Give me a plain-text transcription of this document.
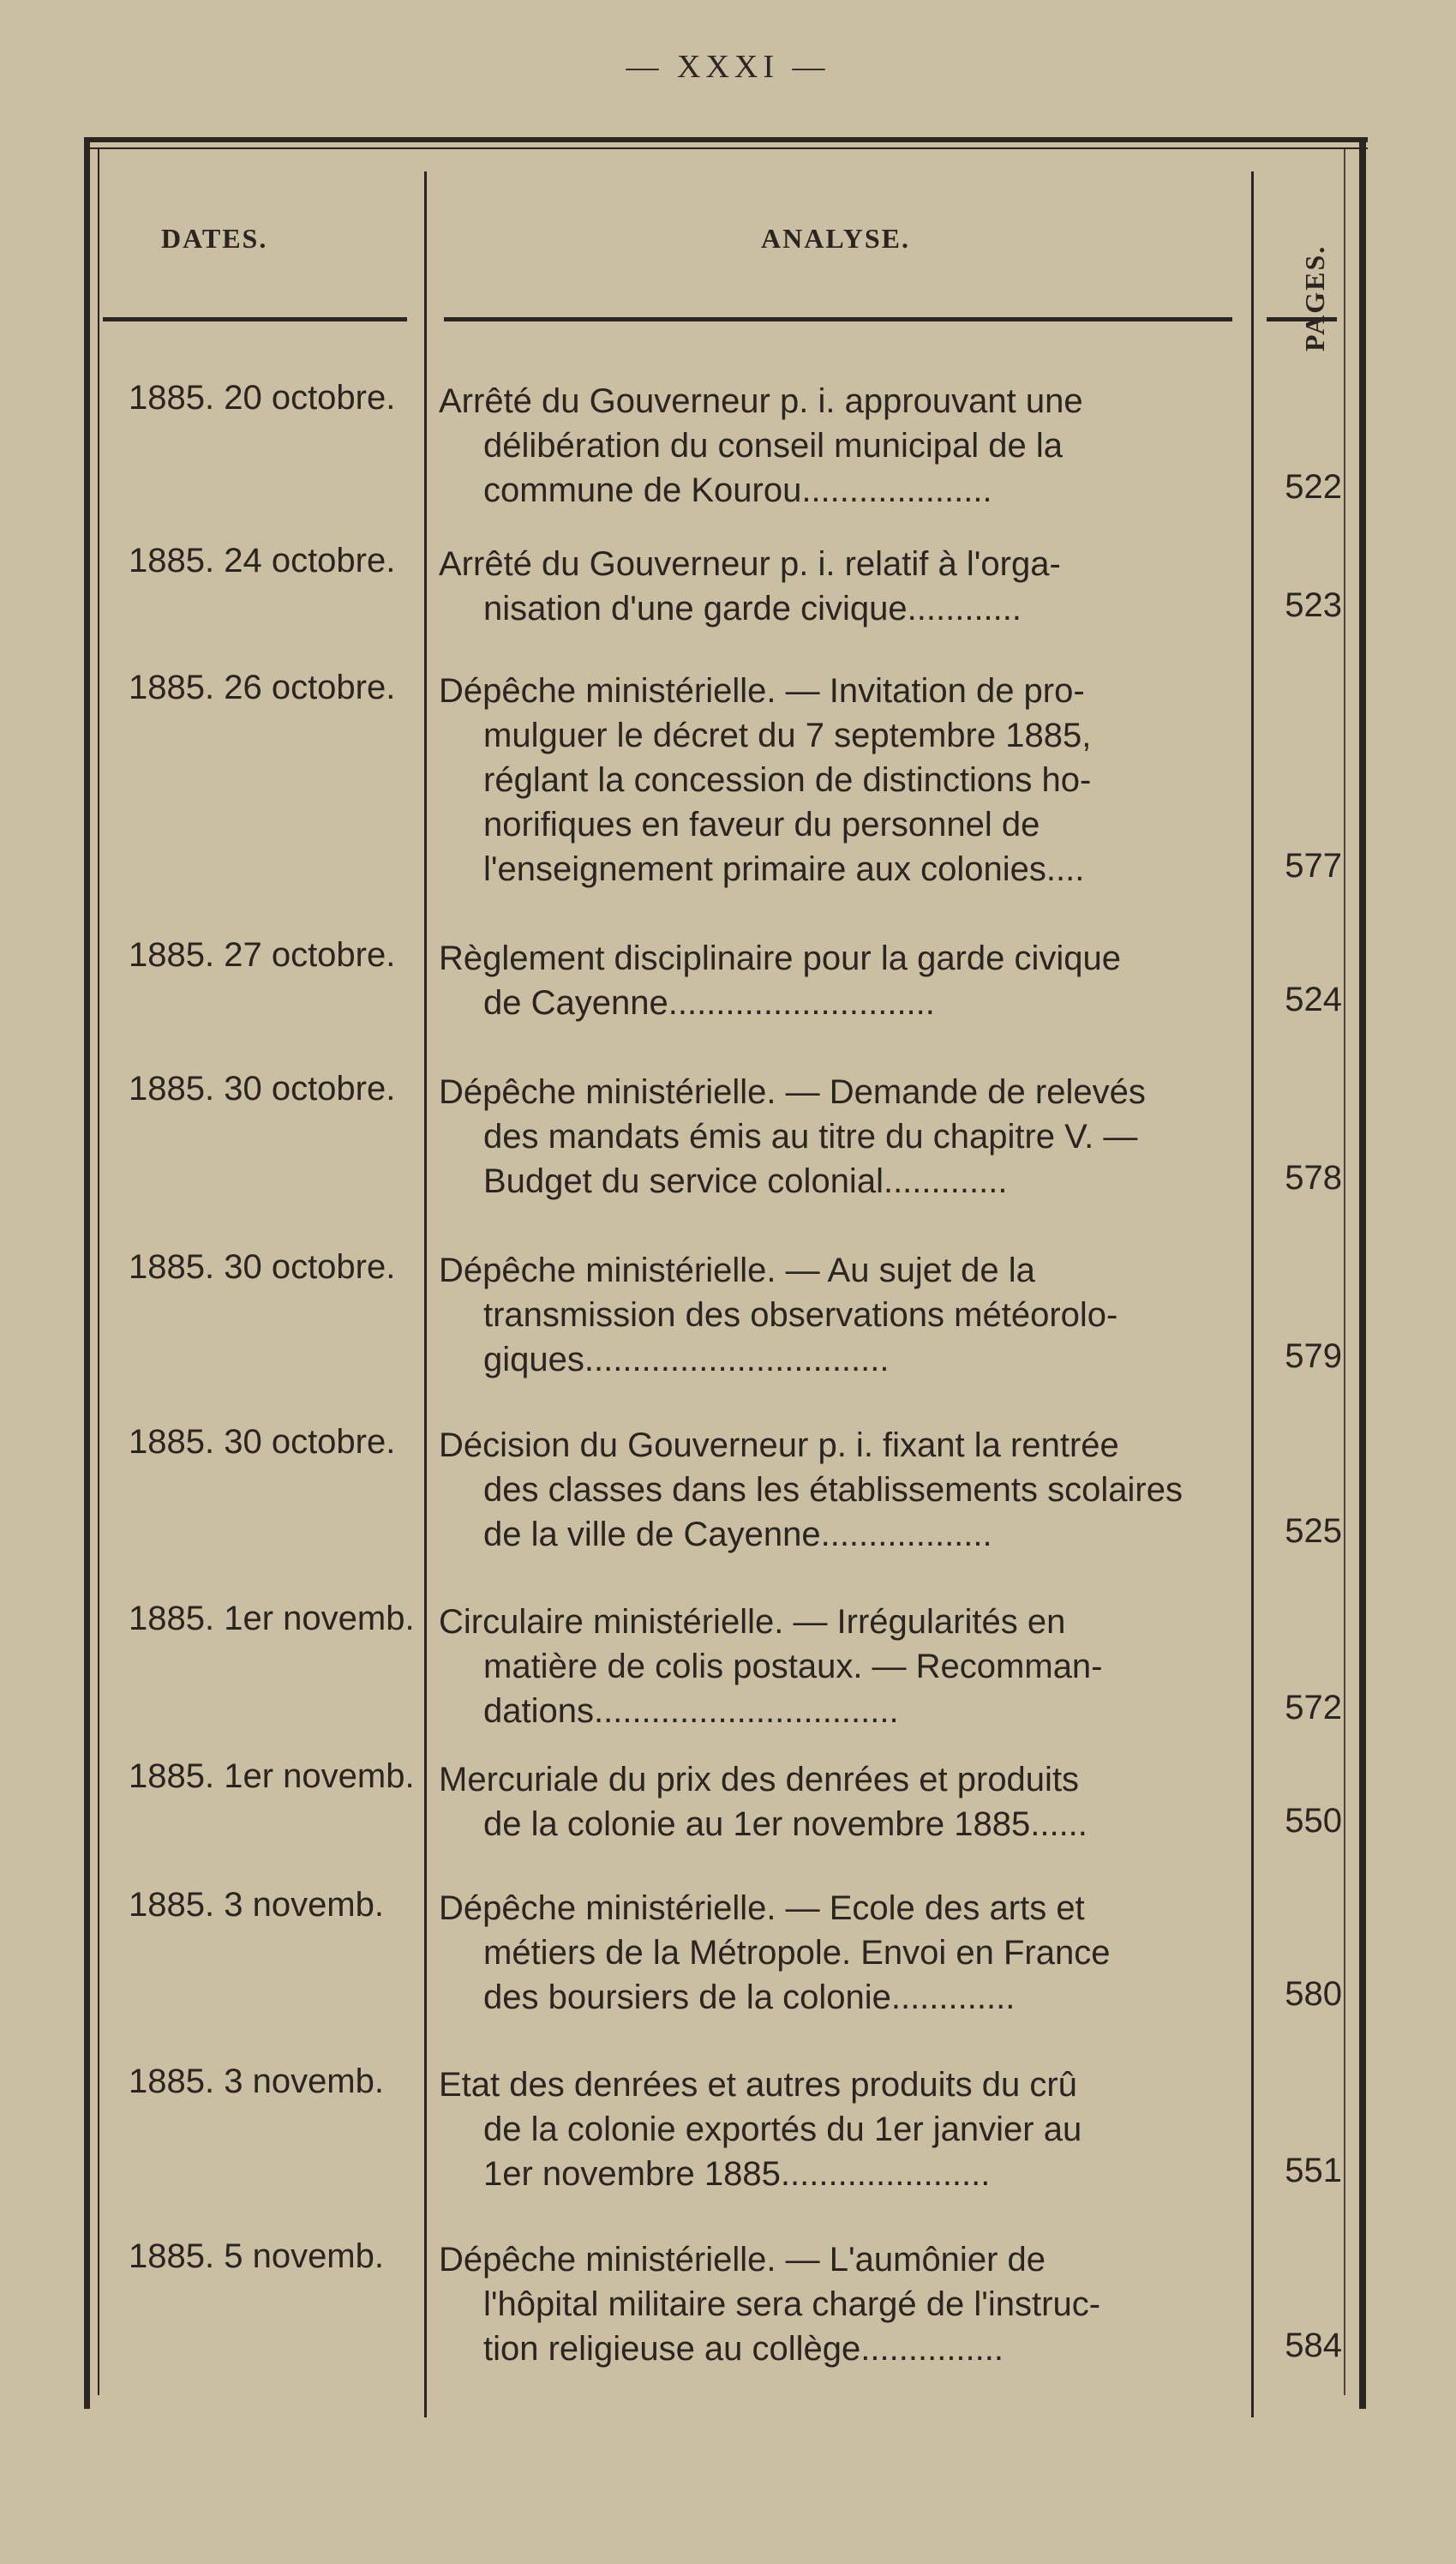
— XXXI —
DATES.	ANALYSE.
PAGES.
1885. 20 octobre.	Arrêté du Gouverneur p. i. approuvant une
délibération du conseil municipal de la
commune de Kourou....................	522
1885. 24 octobre.	Arrêté du Gouverneur p. i. relatif à l'orga-
nisation d'une garde civique............	523
1885. 26 octobre.	Dépêche ministérielle. — Invitation de pro-
mulguer le décret du 7 septembre 1885,
réglant la concession de distinctions ho-
norifiques en faveur du personnel de
l'enseignement primaire aux colonies....	577
1885. 27 octobre.	Règlement disciplinaire pour la garde civique
de Cayenne............................	524
1885. 30 octobre.	Dépêche ministérielle. — Demande de relevés
des mandats émis au titre du chapitre V. —
Budget du service colonial.............	578
1885. 30 octobre.	Dépêche ministérielle. — Au sujet de la
transmission des observations météorolo-
giques................................	579
1885. 30 octobre.	Décision du Gouverneur p. i. fixant la rentrée
des classes dans les établissements scolaires
de la ville de Cayenne..................	525
1885. 1er novemb. Circulaire ministérielle. — Irrégularités en
matière de colis postaux. — Recomman-
dations................................	572
1885. 1er novemb. Mercuriale du prix des denrées et produits
de la colonie au 1er novembre 1885......	550
1885. 3 novemb.	Dépêche ministérielle. — Ecole des arts et
métiers de la Métropole. Envoi en France
des boursiers de la colonie.............	580
1885. 3 novemb.	Etat des denrées et autres produits du crû
de la colonie exportés du 1er janvier au
1er novembre 1885......................	551
1885. 5 novemb.	Dépêche ministérielle. — L'aumônier de
l'hôpital militaire sera chargé de l'instruc-
tion religieuse au collège...............	584
